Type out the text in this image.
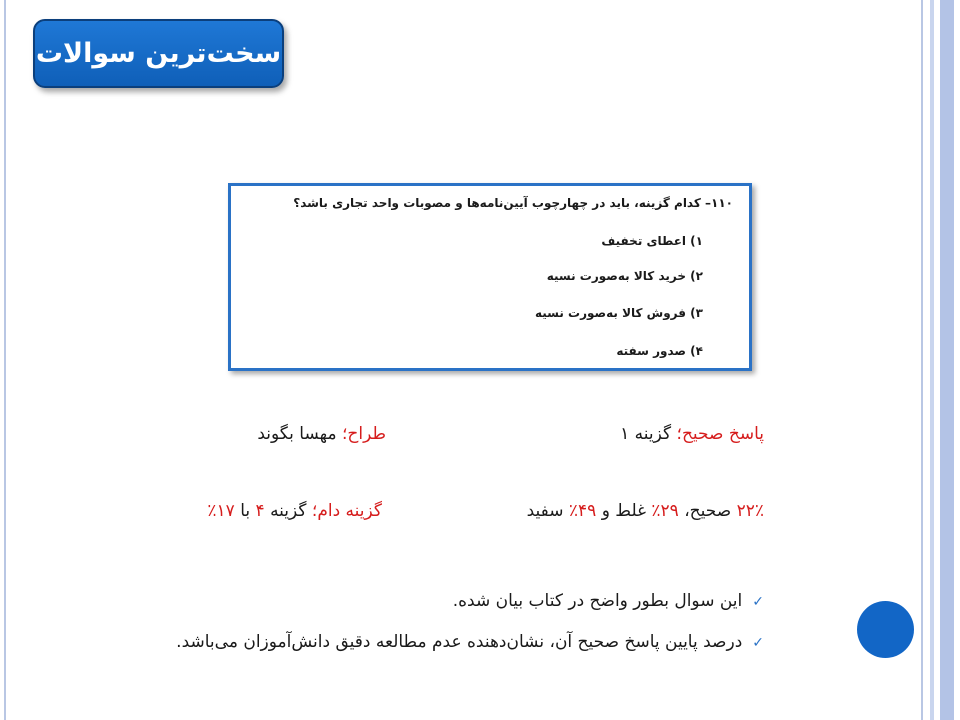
سخت‌ترین سوالات
۱۱۰– کدام گزینه، باید در چهارچوب آیین‌نامه‌ها و مصوبات واحد تجاری باشد؟
۱) اعطای تخفیف
۲) خرید کالا به‌صورت نسیه
۳) فروش کالا به‌صورت نسیه
۴) صدور سفته
پاسخ صحیح؛ گزینه ۱
طراح؛ مهسا بگوند
۲۲٪ صحیح، ۲۹٪ غلط و ۴۹٪ سفید
گزینه دام؛ گزینه ۴ با ۱۷٪
✓این سوال بطور واضح در کتاب بیان شده.
✓درصد پایین پاسخ صحیح آن، نشان‌دهنده عدم مطالعه دقیق دانش‌آموزان می‌باشد.
